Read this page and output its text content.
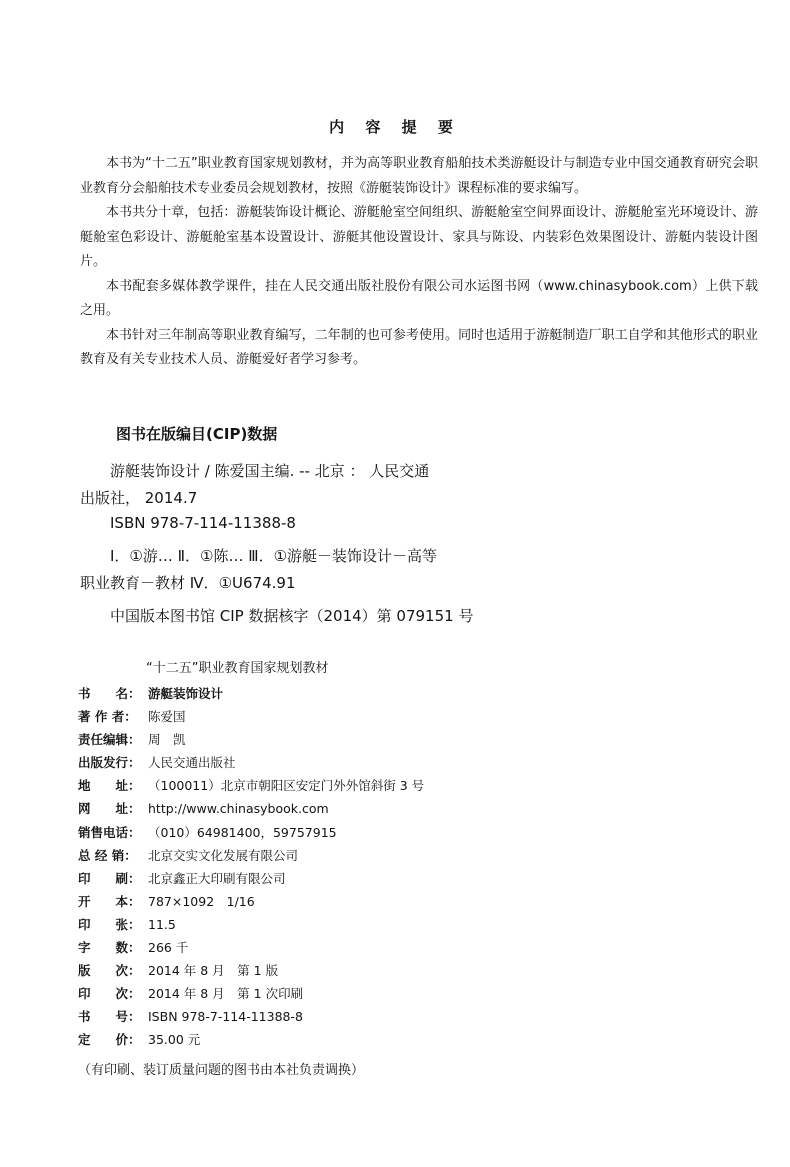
内 容 提 要

本书为“十二五”职业教育国家规划教材，并为高等职业教育船舶技术类游艇设计与制造专业中国交通教育研究会职业教育分会船舶技术专业委员会规划教材，按照《游艇装饰设计》课程标准的要求编写。

本书共分十章，包括：游艇装饰设计概论、游艇舱室空间组织、游艇舱室空间界面设计、游艇舱室光环境设计、游艇舱室色彩设计、游艇舱室基本设置设计、游艇其他设置设计、家具与陈设、内装彩色效果图设计、游艇内装设计图片。

本书配套多媒体教学课件，挂在人民交通出版社股份有限公司水运图书网（www.chinasybook.com）上供下载之用。

本书针对三年制高等职业教育编写，二年制的也可参考使用。同时也适用于游艇制造厂职工自学和其他形式的职业教育及有关专业技术人员、游艇爱好者学习参考。

图书在版编目(CIP)数据
游艇装饰设计 / 陈爱国主编. -- 北京 ： 人民交通
出版社， 2014.7
ISBN 978-7-114-11388-8
Ⅰ．①游… Ⅱ．①陈… Ⅲ．①游艇－装饰设计－高等
职业教育－教材 Ⅳ．①U674.91
中国版本图书馆 CIP 数据核字（2014）第 079151 号
“十二五”职业教育国家规划教材
书　　名： 游艇装饰设计
著 作 者： 陈爱国
责任编辑： 周　凯
出版发行： 人民交通出版社
地　　址： （100011）北京市朝阳区安定门外外馆斜街 3 号
网　　址： http://www.chinasybook.com
销售电话： （010）64981400，59757915
总 经 销： 北京交实文化发展有限公司
印　　刷： 北京鑫正大印刷有限公司
开　　本： 787×1092　1/16
印　　张： 11.5
字　　数： 266 千
版　　次： 2014 年 8 月　第 1 版
印　　次： 2014 年 8 月　第 1 次印刷
书　　号： ISBN 978-7-114-11388-8
定　　价： 35.00 元
（有印刷、装订质量问题的图书由本社负责调换）
